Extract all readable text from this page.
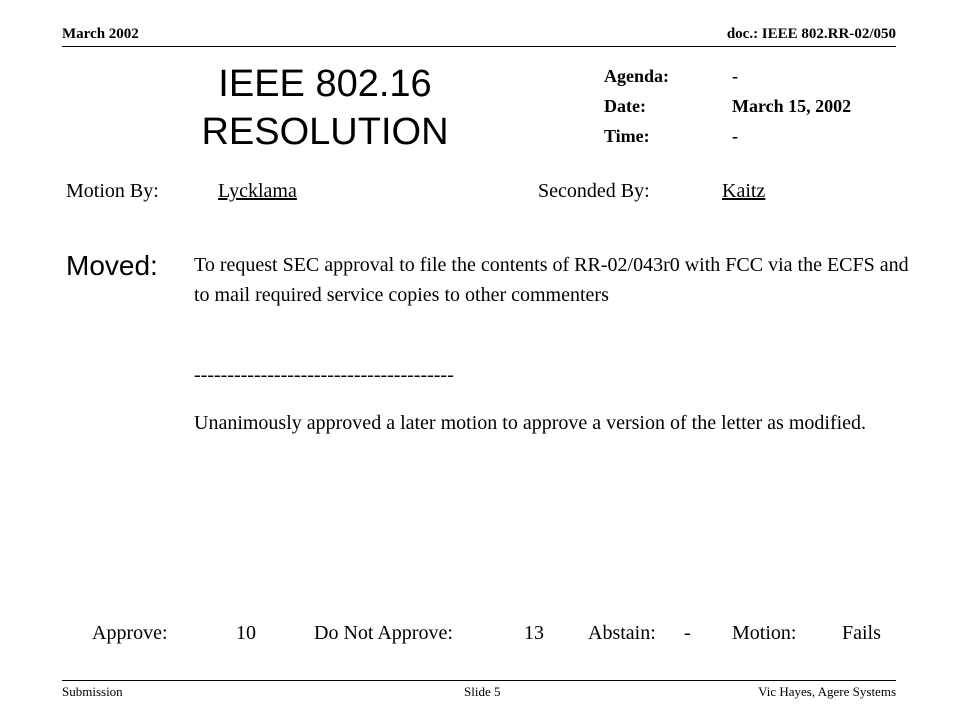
March 2002	doc.: IEEE 802.RR-02/050
IEEE 802.16
RESOLUTION
Agenda:	-
Date:	March 15, 2002
Time:	-
Motion By:	Lycklama	Seconded By:	Kaitz
Moved: To request SEC approval to file the contents of RR-02/043r0 with FCC via the ECFS and to mail required service copies to other commenters
---------------------------------------
Unanimously approved a later motion to approve a version of the letter as modified.
Approve:	10	Do Not Approve:	13 Abstain: - Motion: Fails
Submission	Slide 5	Vic Hayes, Agere Systems
